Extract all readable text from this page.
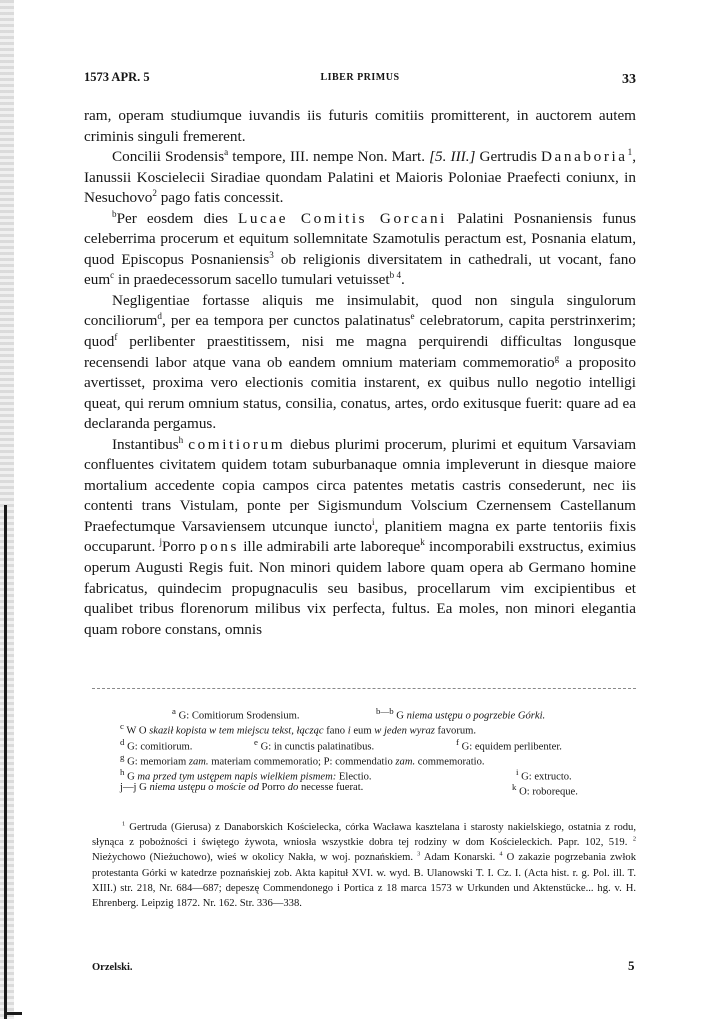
1573 APR. 5	LIBER PRIMUS	33

ram, operam studiumque iuvandis iis futuris comitiis promitterent, in auctorem autem criminis singuli fremerent.

Concilii Srodensis$^a$ tempore, III. nempe Non. Mart. [5. III.] Gertrudis Danaboria$^1$, Ianussii Koscielecii Siradiae quondam Palatini et Maioris Poloniae Praefecti coniunx, in Nesuchovo$^2$ pago fatis concessit.

$^b$Per eosdem dies Lucae Comitis Gorcani Palatini Posnaniensis funus celeberrima procerum et equitum sollemnitate Szamotulis peractum est, Posnania elatum, quod Episcopus Posnaniensis$^3$ ob religionis diversitatem in cathedrali, ut vocant, fano eum$^c$ in praedecessorum sacello tumulari vetuisset$^{b 4}$.

Negligentiae fortasse aliquis me insimulabit, quod non singula singulorum conciliorum$^d$, per ea tempora per cunctos palatinatus$^e$ celebratorum, capita perstrinxerim; quod$^f$ perlibenter praestitissem, nisi me magna perquirendi difficultas longusque recensendi labor atque vana ob eandem omnium materiam commemoratio$^g$ a proposito avertisset, proxima vero electionis comitia instarent, ex quibus nullo negotio intelligi queat, qui rerum omnium status, consilia, conatus, artes, ordo exitusque fuerit: quare ad ea declaranda pergamus.

Instantibus$^h$ comitiorum diebus plurimi procerum, plurimi et equitum Varsaviam confluentes civitatem quidem totam suburbanaque omnia impleverunt in diesque maiore mortalium accedente copia campos circa patentes metatis castris consederunt, nec iis contenti trans Vistulam, ponte per Sigismundum Volscium Czernensem Castellanum Praefectumque Varsaviensem utcunque iuncto$^i$, planitiem magna ex parte tentoriis fixis occuparunt. $^j$Porro pons ille admirabili arte laboreque$^k$ incomporabili exstructus, eximius operum Augusti Regis fuit. Non minori quidem labore quam opera ab Germano homine fabricatus, quindecim propugnaculis seu basibus, procellarum vim excipientibus et qualibet tribus florenorum milibus vix perfecta, fultus. Ea moles, non minori elegantia quam robore constans, omnis

$^a$ G: Comitiorum Srodensium.	$^{b—b}$ G niema ustępu o pogrzebie Górki.
$^c$ W O skaził kopista w tem miejscu tekst, łącząc fano i eum w jeden wyraz favorum.
$^d$ G: comitiorum.	$^e$ G: in cunctis palatinatibus.	$^f$ G: equidem perlibenter.
$^g$ G: memoriam zam. materiam commemoratio; P: commendatio zam. commemoratio.
$^h$ G ma przed tym ustępem napis wielkiem pismem: Electio.	$^i$ G: extructo.
j—j G niema ustępu o moście od Porro do necesse fuerat.	$^k$ O: roboreque.

$^1$ Gertruda (Gierusa) z Danaborskich Kościelecka, córka Wacława kasztelana i starosty nakielskiego, ostatnia z rodu, słynąca z pobożności i świętego żywota, wniosła wszystkie dobra tej rodziny w dom Kościeleckich. Papr. 102, 519. $^2$ Nieżychowo (Nieżuchowo), wieś w okolicy Nakła, w woj. poznańskiem. $^3$ Adam Konarski. $^4$ O zakazie pogrzebania zwłok protestanta Górki w katedrze poznańskiej zob. Akta kapituł XVI. w. wyd. B. Ulanowski T. I. Cz. I. (Acta hist. r. g. Pol. ill. T. XIII.) str. 218, Nr. 684—687; depeszę Commendonego i Portica z 18 marca 1573 w Urkunden und Aktenstücke... hg. v. H. Ehrenberg. Leipzig 1872. Nr. 162. Str. 336—338.

Orzelski.	5
